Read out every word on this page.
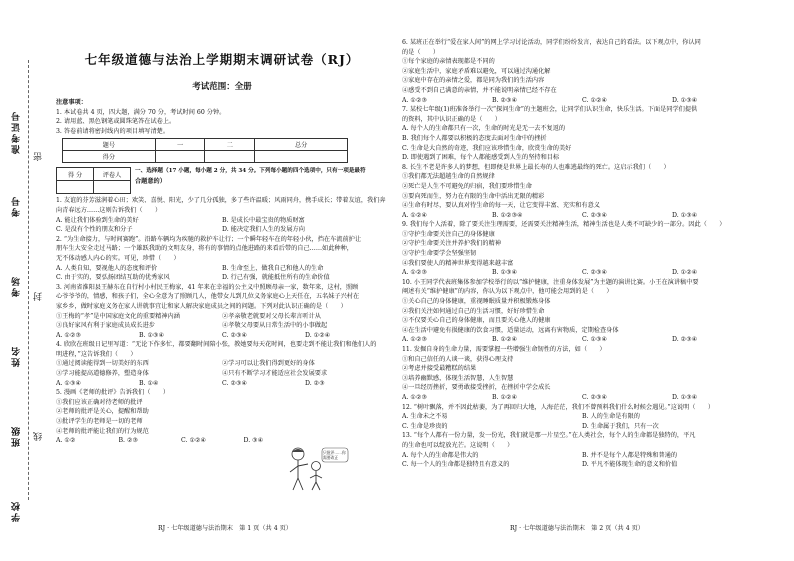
准考证号
考号
考场
姓名
班级
学校
密
封
线
七年级道德与法治上学期期末调研试卷（RJ）
考试范围：全册
注意事项：
1. 本试卷共 4 页，四大题，满分 70 分，考试时间 60 分钟。
2. 请用蓝、黑色钢笔或圆珠笔答在试卷上。
3. 答卷前请将密封线内的项目填写清楚。
题号	一	二	总分
得分			
得 分	评卷人

一、选择题（17 小题，每小题 2 分，共 34 分。下列每小题的四个选项中，只有一项是最符
合题意的）
1. 友谊的芬芳滋润着心田；欢笑、喜悦、阳光，少了几分孤独，多了些许温暖；风雨同舟，携手成长；带着友谊，我们奔
向青春远方……这则告诉我们（　　）
A. 能让我们体验到生命的美好	B. 是成长中最宝贵的物质财富
C. 是没有个性的朋友和分子	D. 能决定我们人生的发展方向
2. “为生命接力，与时间赛跑”。沿路车辆均为疾驰的救护车让行；一个瞬年轻车在的年轻小伙，挡在车流前护让
朋车生大安全走过马路；一个雄跃我助的文明友身，将有的事情的点他进路的来看后带的自己……如此种种，
无不体动感人内心的实。可见，珍惜（　　）
A. 人类自知，要视他人的态度和评价	B. 生命至上，做我自己和他人的生命
C. 由于实的，要弘扬团结互助的优秀家风	D. 行己有强，就能抵住所有的生命价值
3. 河南省淮阳县王赫东在自行村小村民王梅家，41 年来在幸福的公主义中照顾母亲一家，数年来，这村，照顾
心爷爷爷的，情感，和孩子们，全心全意为了照顾几人，他带女儿到几位义务家庭心上天任在，五名妹子兴村在
家乡乡，做时家庭义务在家人讲就事宜让和家人解决家庭成员之间的问题。下列对此认识正确的是（　　）
①王梅的“孝”是中国家庭文化的重要精神内涵	②孝亲敬老就要对父母长辈言听计从
③良好家风有利于家庭成员成长进步	④孝敬父母要从日常生活中的小事做起
A. ①②③	B. ①③④	C. ②③④	D. ①②④
4. 欣欣在班级日记里写道：“无论下作多忙，都要翻时间陪小张，教她要每天花时间，也要走到不能让我们和他们人的
明进程，”这告诉我们（　　）
①通过阅读能得到一切美好的东西	②学习可以让我们得到更好的身体
③学习能提高道德修养，塑造身体	④只有不断学习才能适应社会发展要求
A. ①③④	B. ①④	C. ②③④	D. ②③
5. 漫画《老师的批评》告诉我们（　　）
①我们应该正确对待老师的批评
②老师的批评是关心，提醒和帮助
③批评学生的老师是一切的老师
④老师的批评能让我们的行为规范
A. ①②	B. ②③	C. ①②④	D. ③④
只批评……你需要改正
RJ · 七年级道德与法治期末　第 1 页（共 4 页）
6. 某班正在举行“爱在家人间”的网上学习讨论活动，同学们纷纷发言，表达自己的看法。以下观点中，你认同
的是（　　）
①每个家庭的亲情表现都是不同的
②家庭生活中，家庭矛盾难以避免，可以通过沟通化解
③家庭中存在的亲情之爱，都是同为我们的生活内容
④感受不到自己满意的亲情，并不能说明亲情已经不存在
A. ①②③	B. ②③④	C. ①②④	D. ①③④
7. 某校七年级(1)班准备举行一次“探问生命”的主题班会，让同学们认识生命，快乐生活。下面是同学们提供
的资料，其中认识正确的是（　　）
A. 每个人的生命都只有一次，生命的时光是无一去不复返的
B. 我们每个人都要以积极的态度去面对生命中的挫折
C. 生命是大自然的奇迹，我们应该珍惜生命，欣赏生命的美好
D. 即使遇到了困难，每个人都能感受到人生的坚持和目标
8. 长生不老是许多人的梦想，但即便是世界上最长寿的人也难逃最终的死亡。这启示我们（　　）
①我们都无法超越生命的自然规律
②死亡是人生不可避免的归宿，我们要珍惜生命
③要向死而生，努力在有限的生命中活出无限的精彩
④生命有时尽，要认真对待生命的每一天，让它变得丰富、充实和有意义
A. ①②④	B. ①②③④	C. ②③④	D. ①③④
9. 我们每个人活着，除了要关注生理需要，还需要关注精神生活，精神生活也是人类不可缺少的一部分。因此（　　）
①守护生命要关注自己的身体健康
②守护生命要关注并养护我们的精神
③守护生命要学会坚强坚韧
④我们要使人的精神世界变得越来越丰富
A. ①②③	B. ①③④	C. ②③④	D. ①②④
10. 小王同学代表班集体参加学校举行的以“维护健康，注重身体发展”为主题的演讲比赛。小王在演讲稿中要
阐述有关“维护健康”的内容，你认为以下观点中，他可能会用到的是（　　）
①关心自己的身体健康，重视睡眠质量并积极锻炼身体
②我们关注如何通过自己的生活习惯，好好珍惜生命
③不仅要关心自己的身体健康，而且要关心他人的健康
④在生活中避免有损健康的饮食习惯，适量运动，远离有害物质，定期检查身体
A. ①②③	B. ①②④	C. ①③④	D. ②③④
11. 发掘自身的生命力量，需要掌握一些增强生命韧性的方法，如（　　）
①和自己信任的人谈一谈，获得心理支持
②考虑并接受最糟糕的结果
③培养幽默感，体现生活智慧，人生智慧
④一旦经历挫折，要勇敢接受挫折，在挫折中学会成长
A. ①②③	B. ①②④	C. ②③④	D. ①③④
12. “树叶飘落，并不因此枯萎，为了再回归大地，人海茫茫，我们不曾预料我们什么时候会遇见。”这说明（　　）
A. 生命未之不易	B. 人的生命是有限的
C. 生命是珍贵的	D. 生命属于我们，只有一次
13. “每个人都有一份力量，发一份光，我们就是那一片星空。”在人类社会，每个人的生命都是独特的，平凡
的生命也可以绽放光芒。这说明（　　）
A. 每个人的生命都是伟大的	B. 并不是每个人都是特殊和普通的
C. 每一个人的生命都是独特且有意义的	D. 平凡不能体现生命的意义和价值
RJ · 七年级道德与法治期末　第 2 页（共 4 页）
